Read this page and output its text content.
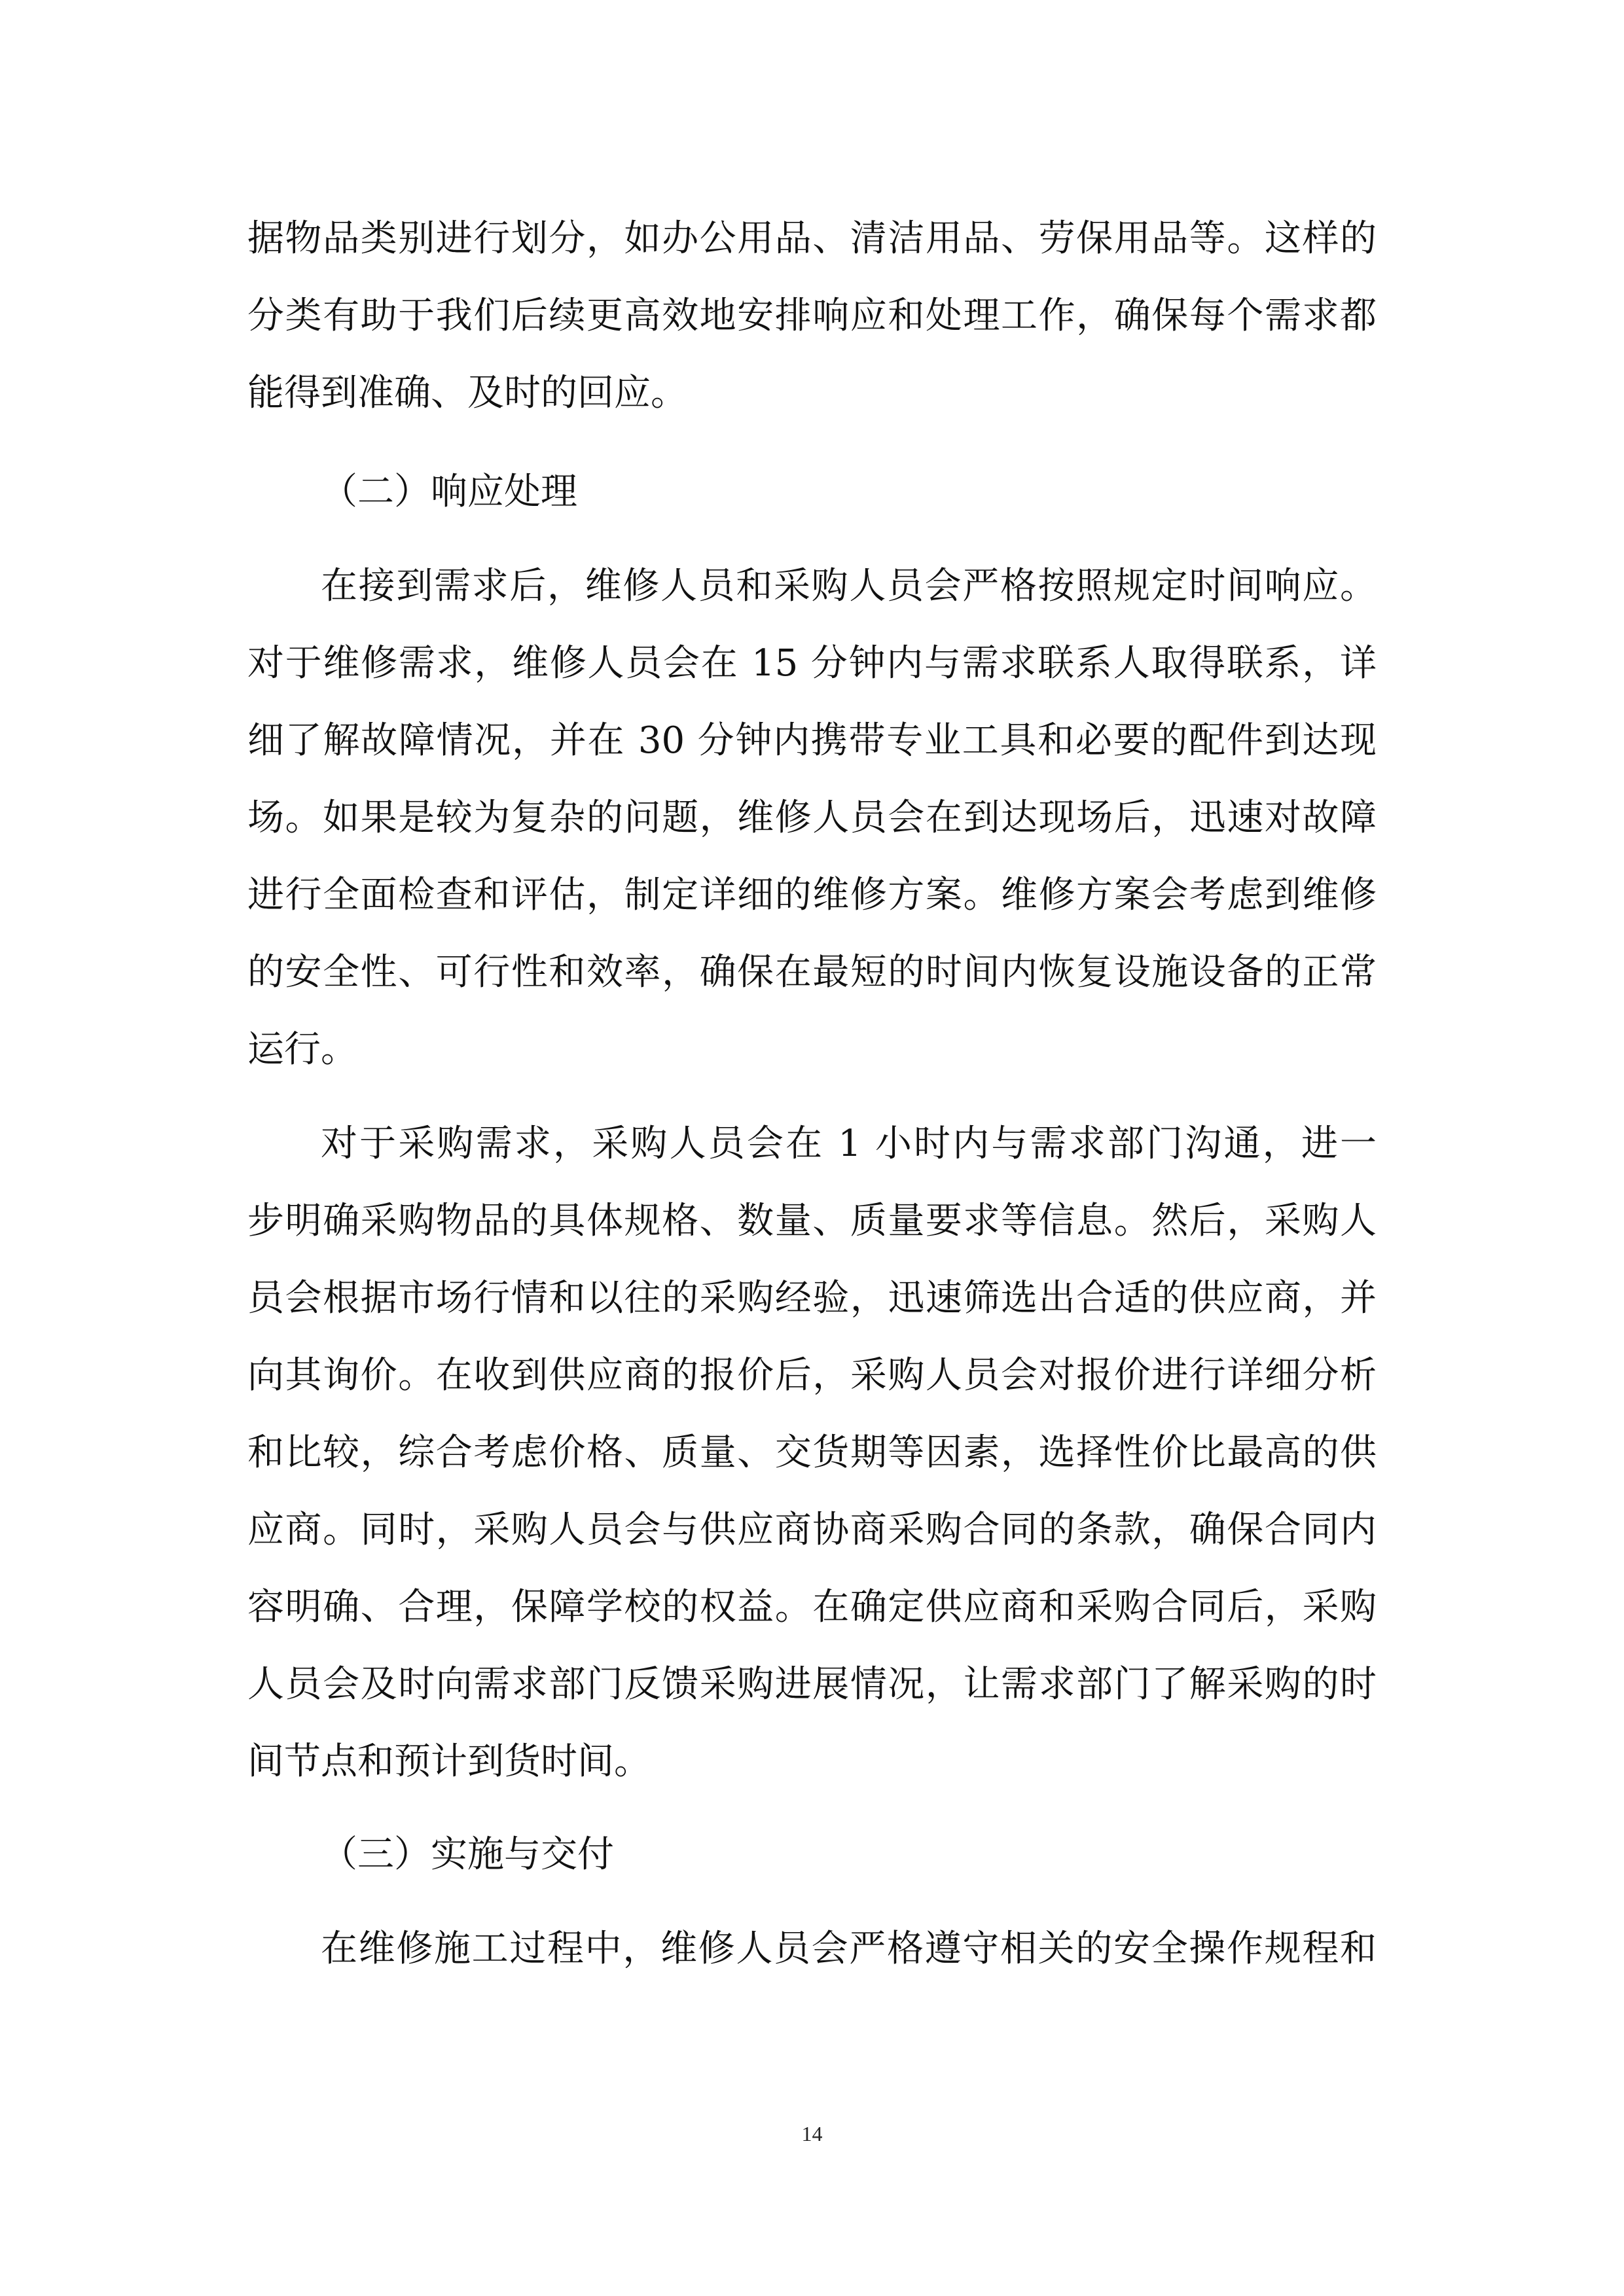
据物品类别进行划分，如办公用品、清洁用品、劳保用品等。这样的
分类有助于我们后续更高效地安排响应和处理工作，确保每个需求都
能得到准确、及时的回应。
（二）响应处理
在接到需求后，维修人员和采购人员会严格按照规定时间响应。
对于维修需求，维修人员会在 15 分钟内与需求联系人取得联系，详
细了解故障情况，并在 30 分钟内携带专业工具和必要的配件到达现
场。如果是较为复杂的问题，维修人员会在到达现场后，迅速对故障
进行全面检查和评估，制定详细的维修方案。维修方案会考虑到维修
的安全性、可行性和效率，确保在最短的时间内恢复设施设备的正常
运行。
对于采购需求，采购人员会在 1 小时内与需求部门沟通，进一
步明确采购物品的具体规格、数量、质量要求等信息。然后，采购人
员会根据市场行情和以往的采购经验，迅速筛选出合适的供应商，并
向其询价。在收到供应商的报价后，采购人员会对报价进行详细分析
和比较，综合考虑价格、质量、交货期等因素，选择性价比最高的供
应商。同时，采购人员会与供应商协商采购合同的条款，确保合同内
容明确、合理，保障学校的权益。在确定供应商和采购合同后，采购
人员会及时向需求部门反馈采购进展情况，让需求部门了解采购的时
间节点和预计到货时间。
（三）实施与交付
在维修施工过程中，维修人员会严格遵守相关的安全操作规程和
14
